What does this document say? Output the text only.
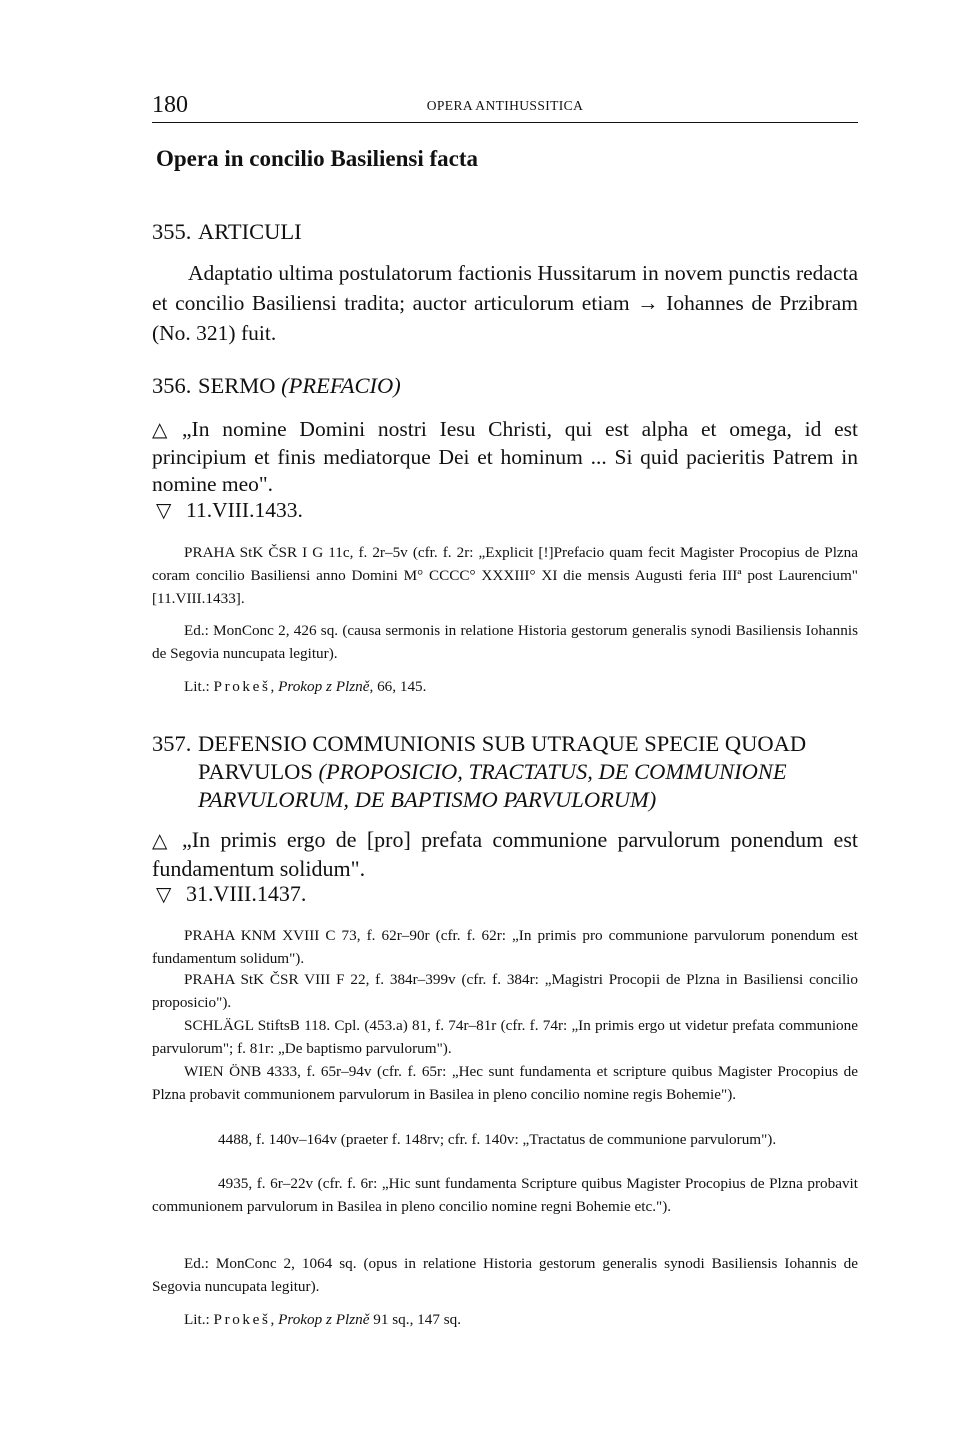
180	OPERA ANTIHUSSITICA
Opera in concilio Basiliensi facta
355. ARTICULI
Adaptatio ultima postulatorum factionis Hussitarum in novem punctis redacta et concilio Basiliensi tradita; auctor articulorum etiam → Iohannes de Przibram (No. 321) fuit.
356. SERMO (PREFACIO)
△ „In nomine Domini nostri Iesu Christi, qui est alpha et omega, id est principium et finis mediatorque Dei et hominum ... Si quid pacieritis Patrem in nomine meo".
▽ 11.VIII.1433.
PRAHA StK ČSR I G 11c, f. 2r–5v (cfr. f. 2r: „Explicit [!]Prefacio quam fecit Magister Procopius de Plzna coram concilio Basiliensi anno Domini M° CCCC° XXXIII° XI die mensis Augusti feria IIIª post Laurencium" [11.VIII.1433].
Ed.: MonConc 2, 426 sq. (causa sermonis in relatione Historia gestorum generalis synodi Basiliensis Iohannis de Segovia nuncupata legitur).
Lit.: Prokeš, Prokop z Plzně, 66, 145.
357. DEFENSIO COMMUNIONIS SUB UTRAQUE SPECIE QUOAD PARVULOS (PROPOSICIO, TRACTATUS, DE COMMUNIONE PARVULORUM, DE BAPTISMO PARVULORUM)
△ „In primis ergo de [pro] prefata communione parvulorum ponendum est fundamentum solidum".
▽ 31.VIII.1437.
PRAHA KNM XVIII C 73, f. 62r–90r (cfr. f. 62r: „In primis pro communione parvulorum ponendum est fundamentum solidum").
PRAHA StK ČSR VIII F 22, f. 384r–399v (cfr. f. 384r: „Magistri Procopii de Plzna in Basiliensi concilio proposicio").
SCHLÄGL StiftsB 118. Cpl. (453.a) 81, f. 74r–81r (cfr. f. 74r: „In primis ergo ut videtur prefata communione parvulorum"; f. 81r: „De baptismo parvulorum").
WIEN ÖNB 4333, f. 65r–94v (cfr. f. 65r: „Hec sunt fundamenta et scripture quibus Magister Procopius de Plzna probavit communionem parvulorum in Basilea in pleno concilio nomine regis Bohemie").
4488, f. 140v–164v (praeter f. 148rv; cfr. f. 140v: „Tractatus de communione parvulorum").
4935, f. 6r–22v (cfr. f. 6r: „Hic sunt fundamenta Scripture quibus Magister Procopius de Plzna probavit communionem parvulorum in Basilea in pleno concilio nomine regni Bohemie etc.").
Ed.: MonConc 2, 1064 sq. (opus in relatione Historia gestorum generalis synodi Basiliensis Iohannis de Segovia nuncupata legitur).
Lit.: Prokeš, Prokop z Plzně 91 sq., 147 sq.
